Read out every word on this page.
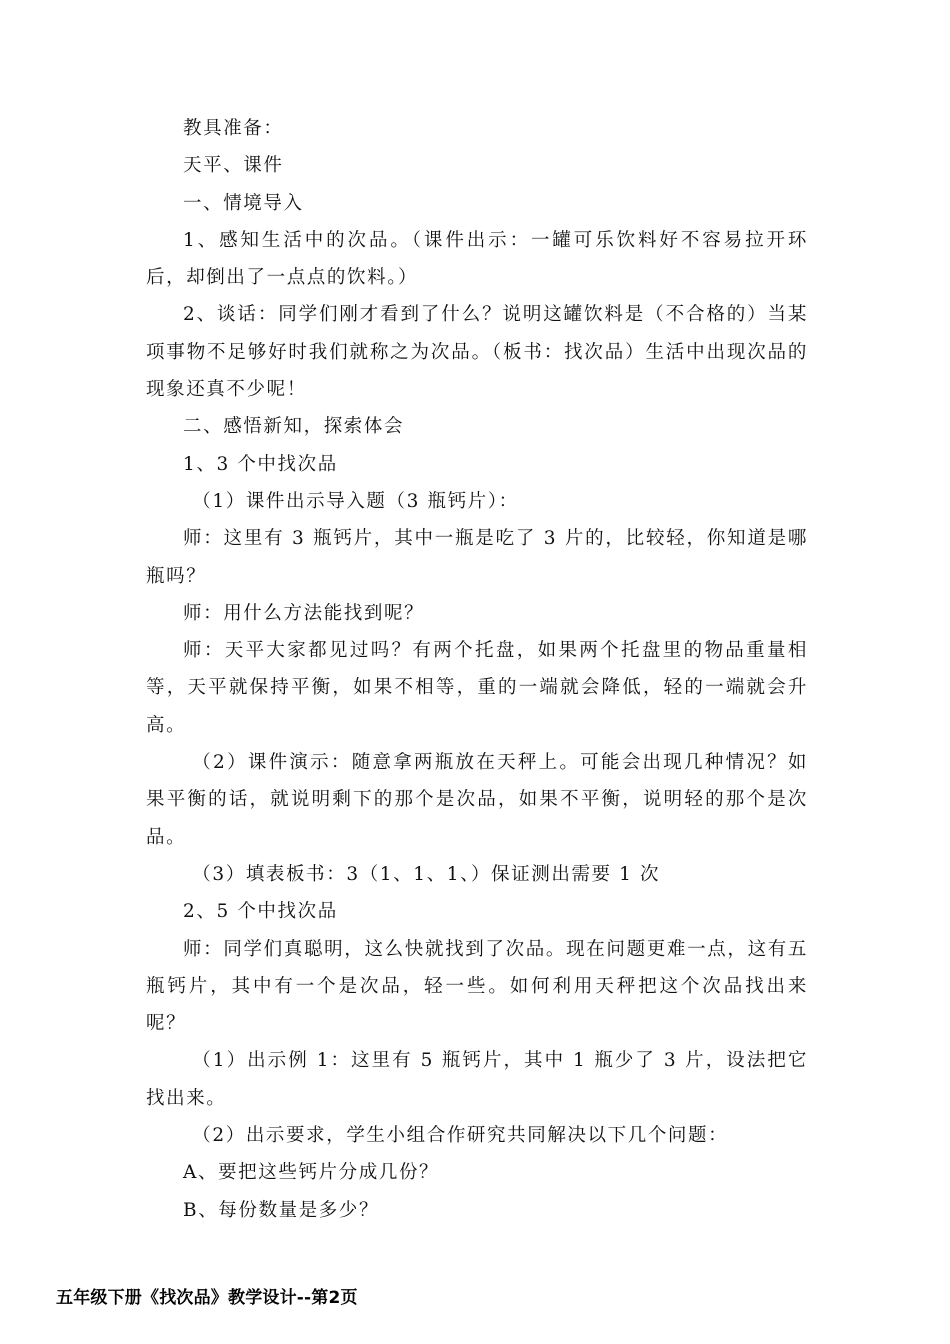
教具准备：

天平、课件

一、情境导入

1、感知生活中的次品。（课件出示：一罐可乐饮料好不容易拉开环后，却倒出了一点点的饮料。）

2、谈话：同学们刚才看到了什么？说明这罐饮料是（不合格的）当某项事物不足够好时我们就称之为次品。（板书：找次品）生活中出现次品的现象还真不少呢！

二、感悟新知，探索体会

1、3 个中找次品

（1）课件出示导入题（3 瓶钙片）：

师：这里有 3 瓶钙片，其中一瓶是吃了 3 片的，比较轻，你知道是哪瓶吗？

师：用什么方法能找到呢？

师：天平大家都见过吗？有两个托盘，如果两个托盘里的物品重量相等，天平就保持平衡，如果不相等，重的一端就会降低，轻的一端就会升高。

（2）课件演示：随意拿两瓶放在天秤上。可能会出现几种情况？如果平衡的话，就说明剩下的那个是次品，如果不平衡，说明轻的那个是次品。

（3）填表板书：3（1、1、1、）保证测出需要 1 次

2、5 个中找次品

师：同学们真聪明，这么快就找到了次品。现在问题更难一点，这有五瓶钙片，其中有一个是次品，轻一些。如何利用天秤把这个次品找出来呢？

（1）出示例 1：这里有 5 瓶钙片，其中 1 瓶少了 3 片，设法把它找出来。

（2）出示要求，学生小组合作研究共同解决以下几个问题：

A、要把这些钙片分成几份？

B、每份数量是多少？

五年级下册《找次品》教学设计--第2页
